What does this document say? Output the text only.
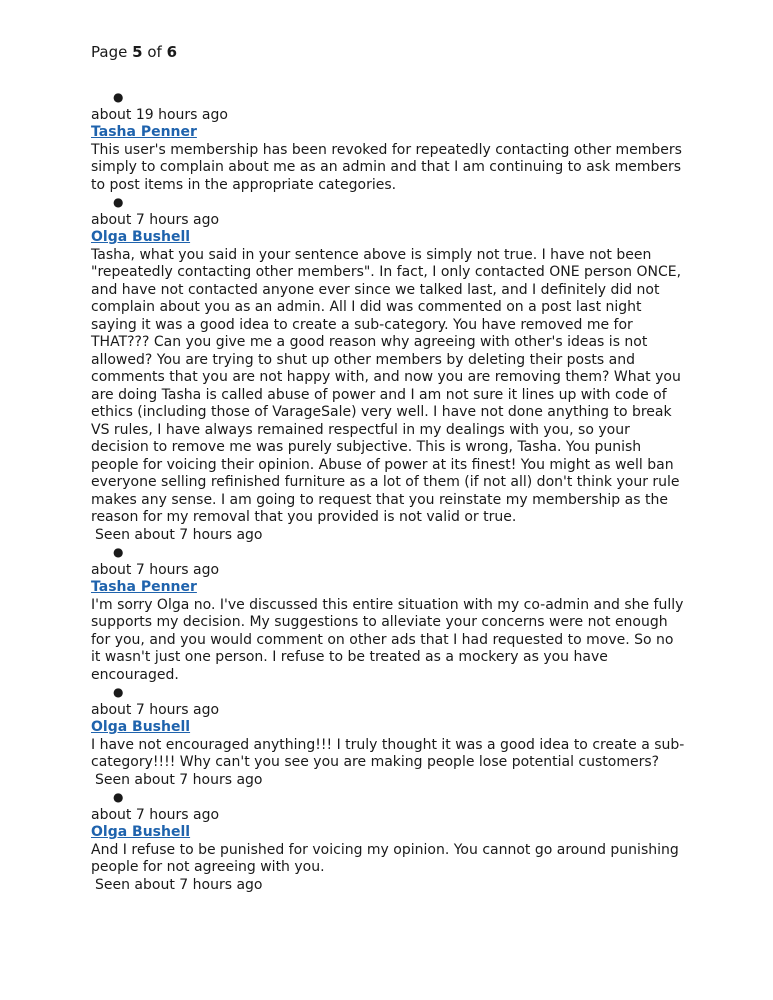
Page 5 of 6
●
about 19 hours ago
Tasha Penner
This user's membership has been revoked for repeatedly contacting other members simply to complain about me as an admin and that I am continuing to ask members to post items in the appropriate categories.
●
about 7 hours ago
Olga Bushell
Tasha, what you said in your sentence above is simply not true. I have not been "repeatedly contacting other members". In fact, I only contacted ONE person ONCE, and have not contacted anyone ever since we talked last, and I definitely did not complain about you as an admin. All I did was commented on a post last night saying it was a good idea to create a sub-category. You have removed me for THAT??? Can you give me a good reason why agreeing with other's ideas is not allowed? You are trying to shut up other members by deleting their posts and comments that you are not happy with, and now you are removing them? What you are doing Tasha is called abuse of power and I am not sure it lines up with code of ethics (including those of VarageSale) very well. I have not done anything to break VS rules, I have always remained respectful in my dealings with you, so your decision to remove me was purely subjective. This is wrong, Tasha. You punish people for voicing their opinion. Abuse of power at its finest! You might as well ban everyone selling refinished furniture as a lot of them (if not all) don't think your rule makes any sense. I am going to request that you reinstate my membership as the reason for my removal that you provided is not valid or true.
Seen about 7 hours ago
●
about 7 hours ago
Tasha Penner
I'm sorry Olga no. I've discussed this entire situation with my co-admin and she fully supports my decision. My suggestions to alleviate your concerns were not enough for you, and you would comment on other ads that I had requested to move. So no it wasn't just one person. I refuse to be treated as a mockery as you have encouraged.
●
about 7 hours ago
Olga Bushell
I have not encouraged anything!!! I truly thought it was a good idea to create a sub-category!!!! Why can't you see you are making people lose potential customers?
Seen about 7 hours ago
●
about 7 hours ago
Olga Bushell
And I refuse to be punished for voicing my opinion. You cannot go around punishing people for not agreeing with you.
Seen about 7 hours ago
